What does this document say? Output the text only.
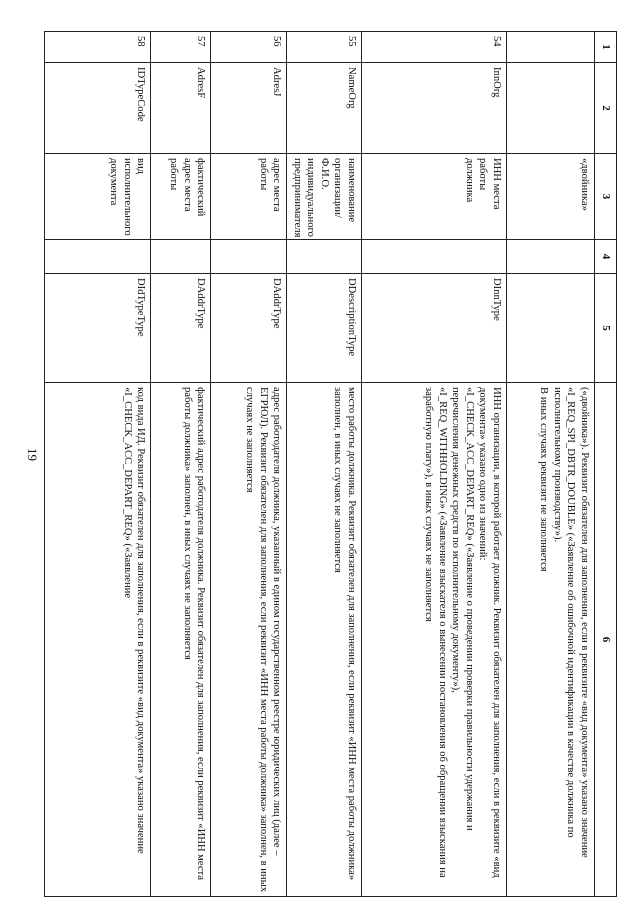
19
1	2	3	4	5	6
		«двойника»			(«двойника»). Реквизит обязателен для заполнения, если в реквизите «вид документа» указано значение «I_REQ_SPI_DBTR_DOUBLE» («Заявление об ошибочной идентификации в качестве должника по исполнительному производству»).

В иных случаях реквизит не заполняется

54	InnOrg	ИНН места работы должника		DInnType	ИНН организации, в которой работает должник. Реквизит обязателен для заполнения, если в реквизите «вид документа» указано одно из значений:

«I_CHECK_ACC_DEPART_REQ» («Заявление о проведении проверки правильности удержания и перечисления денежных средств по исполнительному документу»),

«I_REQ_WITHHOLDING» («Заявление взыскателя о вынесении постановления об обращении взыскания на заработную плату»), в иных случаях не заполняется

55	NameOrg	наименование организации/Ф.И.О. индивидуального предпринимателя		DDescriptionType	место работы должника. Реквизит обязателен для заполнения, если реквизит «ИНН места работы должника» заполнен, в иных случаях не заполняется

56	AdresJ	адрес места работы		DAddrType	адрес работодателя должника, указанный в едином государственном реестре юридических лиц (далее – ЕГРЮЛ). Реквизит обязателен для заполнения, если реквизит «ИНН места работы должника» заполнен, в иных случаях не заполняется

57	AdresF	фактический адрес места работы		DAddrType	фактический адрес работодателя должника. Реквизит обязателен для заполнения, если реквизит «ИНН места работы должника» заполнен, в иных случаях не заполняется

58	IDTypeCode	вид исполнительного документа		DIdTypeType	код вида ИД. Реквизит обязателен для заполнения, если в реквизите «вид документа» указано значение «I_CHECK_ACC_DEPART_REQ» («Заявление
